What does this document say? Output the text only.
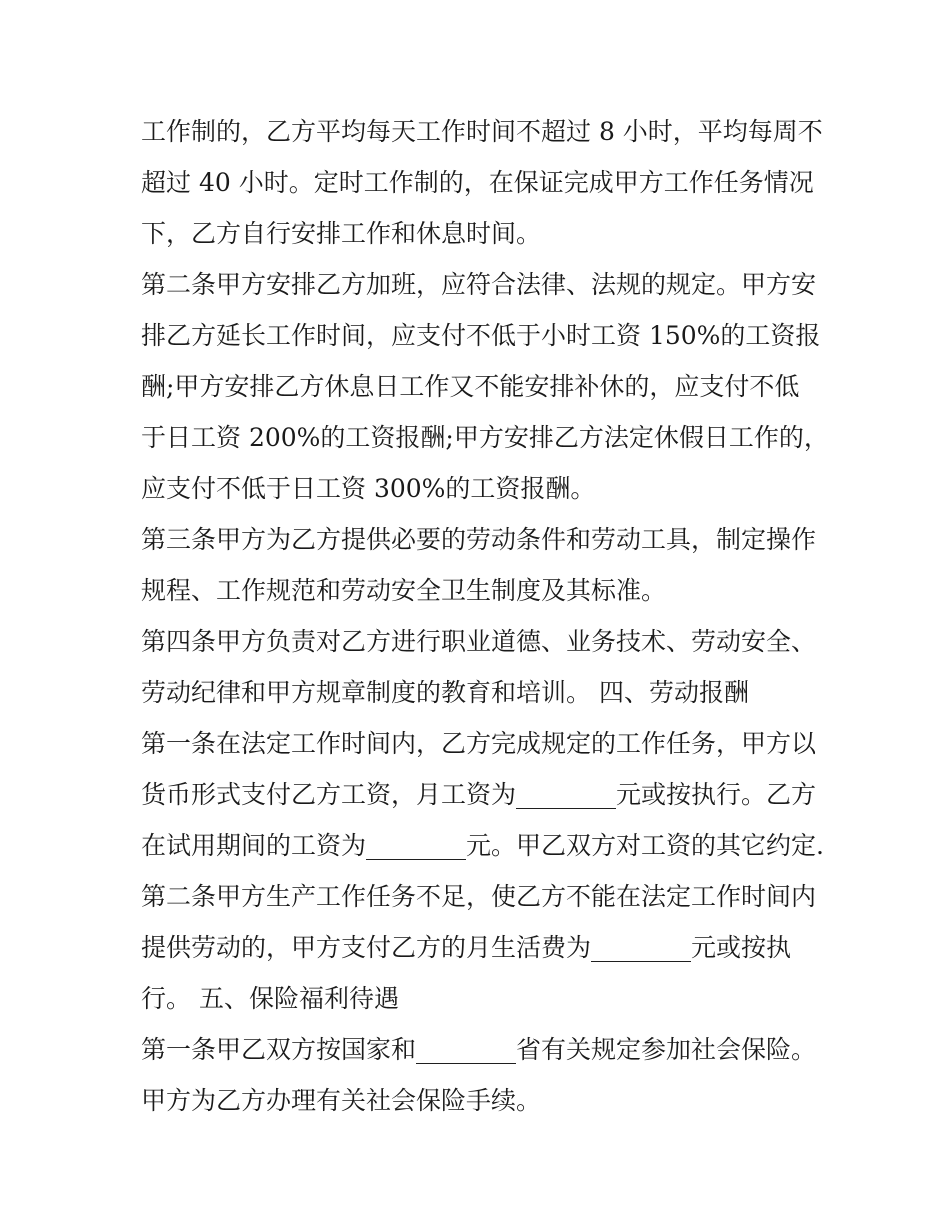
工作制的，乙方平均每天工作时间不超过 8 小时，平均每周不
超过 40 小时。定时工作制的，在保证完成甲方工作任务情况
下，乙方自行安排工作和休息时间。
第二条甲方安排乙方加班，应符合法律、法规的规定。甲方安
排乙方延长工作时间，应支付不低于小时工资 150%的工资报
酬;甲方安排乙方休息日工作又不能安排补休的，应支付不低
于日工资 200%的工资报酬;甲方安排乙方法定休假日工作的，
应支付不低于日工资 300%的工资报酬。
第三条甲方为乙方提供必要的劳动条件和劳动工具，制定操作
规程、工作规范和劳动安全卫生制度及其标准。
第四条甲方负责对乙方进行职业道德、业务技术、劳动安全、
劳动纪律和甲方规章制度的教育和培训。 四、劳动报酬
第一条在法定工作时间内，乙方完成规定的工作任务，甲方以
货币形式支付乙方工资，月工资为________元或按执行。乙方
在试用期间的工资为________元。甲乙双方对工资的其它约定.
第二条甲方生产工作任务不足，使乙方不能在法定工作时间内
提供劳动的，甲方支付乙方的月生活费为________元或按执
行。 五、保险福利待遇
第一条甲乙双方按国家和________省有关规定参加社会保险。
甲方为乙方办理有关社会保险手续。
